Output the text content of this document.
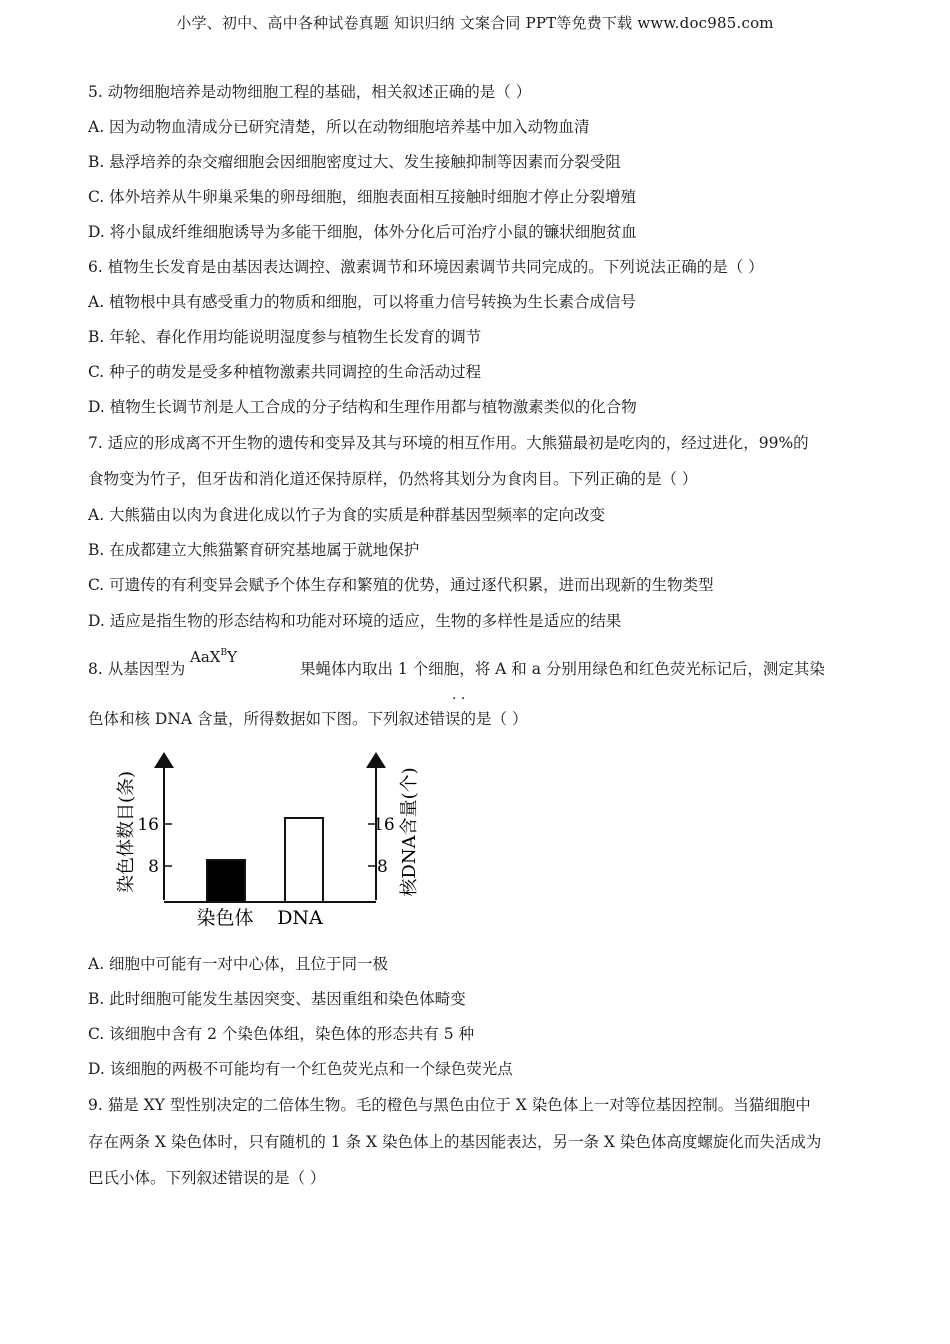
小学、初中、高中各种试卷真题 知识归纳 文案合同 PPT等免费下载 www.doc985.com
5. 动物细胞培养是动物细胞工程的基础，相关叙述正确的是（ ）
A. 因为动物血清成分已研究清楚，所以在动物细胞培养基中加入动物血清
B. 悬浮培养的杂交瘤细胞会因细胞密度过大、发生接触抑制等因素而分裂受阻
C. 体外培养从牛卵巢采集的卵母细胞，细胞表面相互接触时细胞才停止分裂增殖
D. 将小鼠成纤维细胞诱导为多能干细胞，体外分化后可治疗小鼠的镰状细胞贫血
6. 植物生长发育是由基因表达调控、激素调节和环境因素调节共同完成的。下列说法正确的是（ ）
A. 植物根中具有感受重力的物质和细胞，可以将重力信号转换为生长素合成信号
B. 年轮、春化作用均能说明湿度参与植物生长发育的调节
C. 种子的萌发是受多种植物激素共同调控的生命活动过程
D. 植物生长调节剂是人工合成的分子结构和生理作用都与植物激素类似的化合物
7. 适应的形成离不开生物的遗传和变异及其与环境的相互作用。大熊猫最初是吃肉的，经过进化，99%的
食物变为竹子，但牙齿和消化道还保持原样，仍然将其划分为食肉目。下列正确的是（ ）
A. 大熊猫由以肉为食进化成以竹子为食的实质是种群基因型频率的定向改变
B. 在成都建立大熊猫繁育研究基地属于就地保护
C. 可遗传的有利变异会赋予个体生存和繁殖的优势，通过逐代积累，进而出现新的生物类型
D. 适应是指生物的形态结构和功能对环境的适应，生物的多样性是适应的结果
8. 从基因型为
AaX$^B$Y
果蝇体内取出 1 个细胞，将 A 和 a 分别用绿色和红色荧光标记后，测定其染
· ·
色体和核 DNA 含量，所得数据如下图。下列叙述错误的是（ ）
8
16
8
16
染色体 DNA
染色体数目(条)	核DNA含量(个)
A. 细胞中可能有一对中心体，且位于同一极
B. 此时细胞可能发生基因突变、基因重组和染色体畸变
C. 该细胞中含有 2 个染色体组，染色体的形态共有 5 种
D. 该细胞的两极不可能均有一个红色荧光点和一个绿色荧光点
9. 猫是 XY 型性别决定的二倍体生物。毛的橙色与黑色由位于 X 染色体上一对等位基因控制。当猫细胞中
存在两条 X 染色体时，只有随机的 1 条 X 染色体上的基因能表达，另一条 X 染色体高度螺旋化而失活成为
巴氏小体。下列叙述错误的是（ ）
